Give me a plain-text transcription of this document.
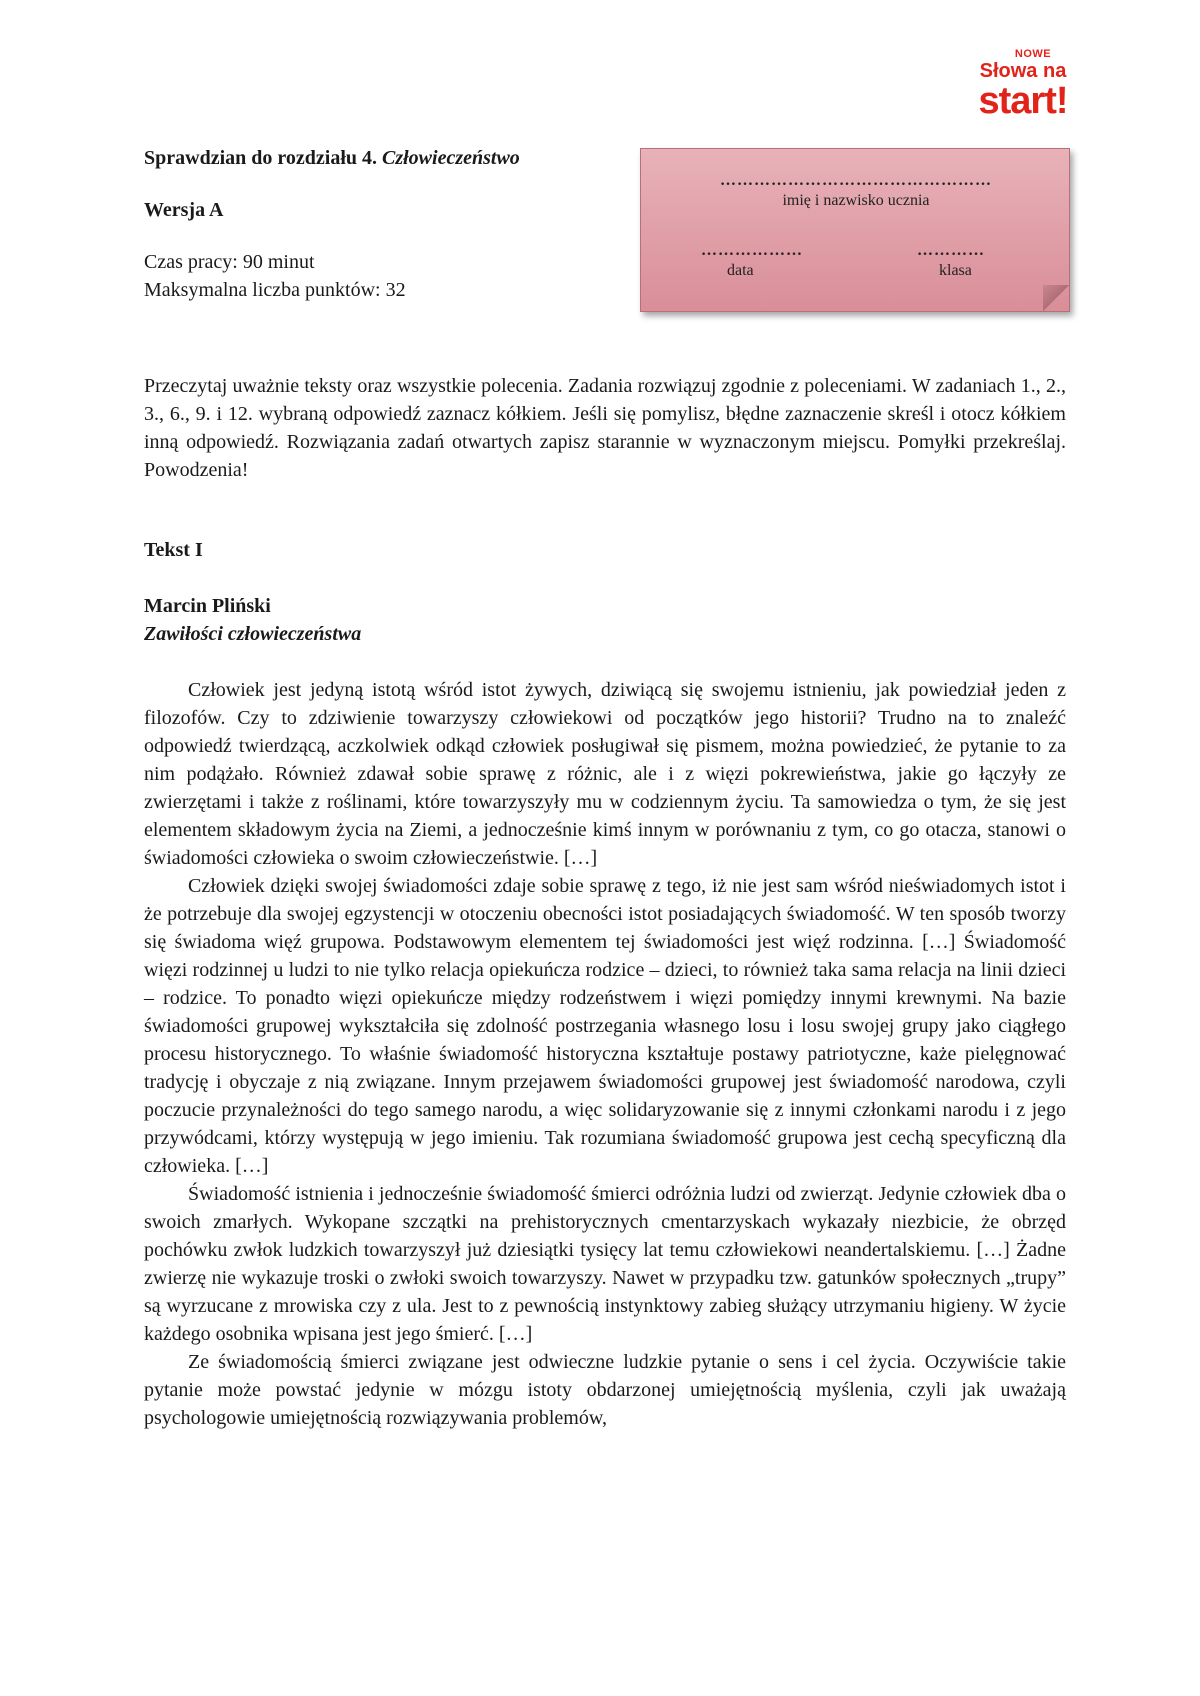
NOWE
Słowa na
start!
Sprawdzian do rozdziału 4. Człowieczeństwo
Wersja A
Czas pracy: 90 minut
Maksymalna liczba punktów: 32
…………………………………………
imię i nazwisko ucznia
………………	…………
data	klasa
Przeczytaj uważnie teksty oraz wszystkie polecenia. Zadania rozwiązuj zgodnie z poleceniami. W zadaniach 1., 2., 3., 6., 9. i 12. wybraną odpowiedź zaznacz kółkiem. Jeśli się pomylisz, błędne zaznaczenie skreśl i otocz kółkiem inną odpowiedź. Rozwiązania zadań otwartych zapisz starannie w wyznaczonym miejscu. Pomyłki przekreślaj. Powodzenia!
Tekst I
Marcin Pliński
Zawiłości człowieczeństwa

Człowiek jest jedyną istotą wśród istot żywych, dziwiącą się swojemu istnieniu, jak powiedział jeden z filozofów. Czy to zdziwienie towarzyszy człowiekowi od początków jego historii? Trudno na to znaleźć odpowiedź twierdzącą, aczkolwiek odkąd człowiek posługiwał się pismem, można powiedzieć, że pytanie to za nim podążało. Również zdawał sobie sprawę z różnic, ale i z więzi pokrewieństwa, jakie go łączyły ze zwierzętami i także z roślinami, które towarzyszyły mu w codziennym życiu. Ta samowiedza o tym, że się jest elementem składowym życia na Ziemi, a jednocześnie kimś innym w porównaniu z tym, co go otacza, stanowi o świadomości człowieka o swoim człowieczeństwie. […]

Człowiek dzięki swojej świadomości zdaje sobie sprawę z tego, iż nie jest sam wśród nieświadomych istot i że potrzebuje dla swojej egzystencji w otoczeniu obecności istot posiadających świadomość. W ten sposób tworzy się świadoma więź grupowa. Podstawowym elementem tej świadomości jest więź rodzinna. […] Świadomość więzi rodzinnej u ludzi to nie tylko relacja opiekuńcza rodzice – dzieci, to również taka sama relacja na linii dzieci – rodzice. To ponadto więzi opiekuńcze między rodzeństwem i więzi pomiędzy innymi krewnymi. Na bazie świadomości grupowej wykształciła się zdolność postrzegania własnego losu i losu swojej grupy jako ciągłego procesu historycznego. To właśnie świadomość historyczna kształtuje postawy patriotyczne, każe pielęgnować tradycję i obyczaje z nią związane. Innym przejawem świadomości grupowej jest świadomość narodowa, czyli poczucie przynależności do tego samego narodu, a więc solidaryzowanie się z innymi członkami narodu i z jego przywódcami, którzy występują w jego imieniu. Tak rozumiana świadomość grupowa jest cechą specyficzną dla człowieka. […]

Świadomość istnienia i jednocześnie świadomość śmierci odróżnia ludzi od zwierząt. Jedynie człowiek dba o swoich zmarłych. Wykopane szczątki na prehistorycznych cmentarzyskach wykazały niezbicie, że obrzęd pochówku zwłok ludzkich towarzyszył już dziesiątki tysięcy lat temu człowiekowi neandertalskiemu. […] Żadne zwierzę nie wykazuje troski o zwłoki swoich towarzyszy. Nawet w przypadku tzw. gatunków społecznych „trupy” są wyrzucane z mrowiska czy z ula. Jest to z pewnością instynktowy zabieg służący utrzymaniu higieny. W życie każdego osobnika wpisana jest jego śmierć. […]

Ze świadomością śmierci związane jest odwieczne ludzkie pytanie o sens i cel życia. Oczywiście takie pytanie może powstać jedynie w mózgu istoty obdarzonej umiejętnością myślenia, czyli jak uważają psychologowie umiejętnością rozwiązywania problemów,
